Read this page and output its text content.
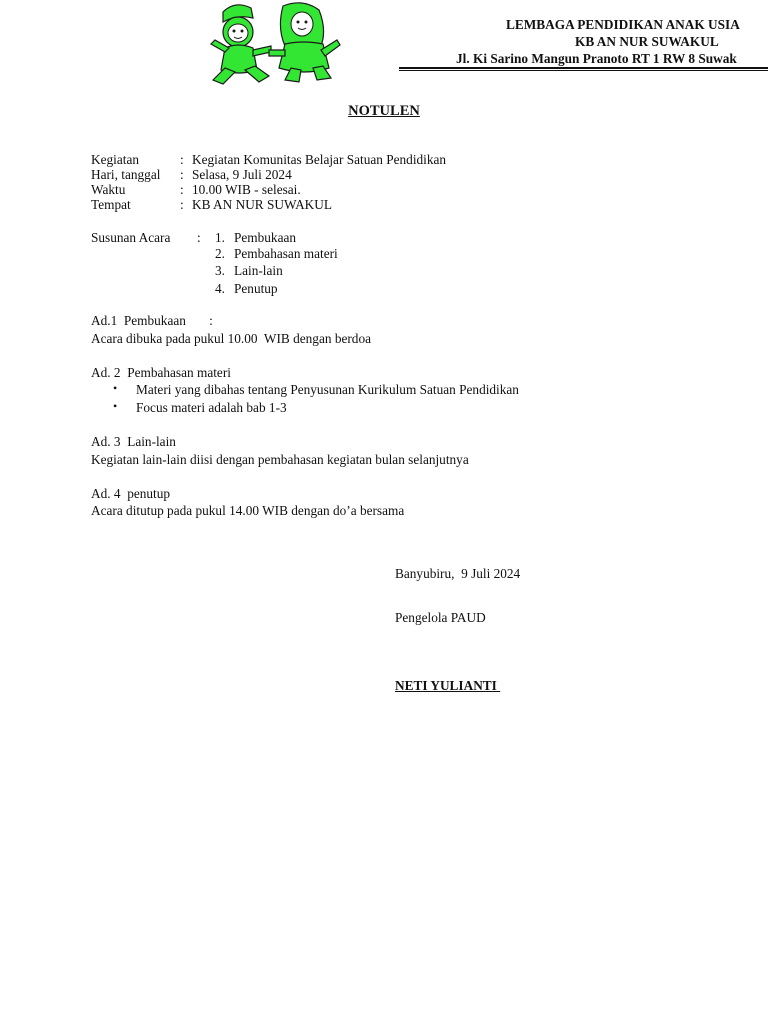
LEMBAGA PENDIDIKAN ANAK USIA
KB AN NUR SUWAKUL
Jl. Ki Sarino Mangun Pranoto RT 1 RW 8 Suwak
NOTULEN
Kegiatan	: Kegiatan Komunitas Belajar Satuan Pendidikan
Hari, tanggal : Selasa, 9 Juli 2024
Waktu	: 10.00 WIB - selesai.
Tempat	: KB AN NUR SUWAKUL
Susunan Acara : 1. Pembukaan
2. Pembahasan materi
3. Lain-lain
4. Penutup
Ad.1  Pembukaan       :
Acara dibuka pada pukul 10.00  WIB dengan berdoa
Ad. 2  Pembahasan materi
• Materi yang dibahas tentang Penyusunan Kurikulum Satuan Pendidikan
• Focus materi adalah bab 1-3
Ad. 3  Lain-lain
Kegiatan lain-lain diisi dengan pembahasan kegiatan bulan selanjutnya
Ad. 4  penutup
Acara ditutup pada pukul 14.00 WIB dengan do’a bersama
Banyubiru,  9 Juli 2024
Pengelola PAUD
NETI YULIANTI
